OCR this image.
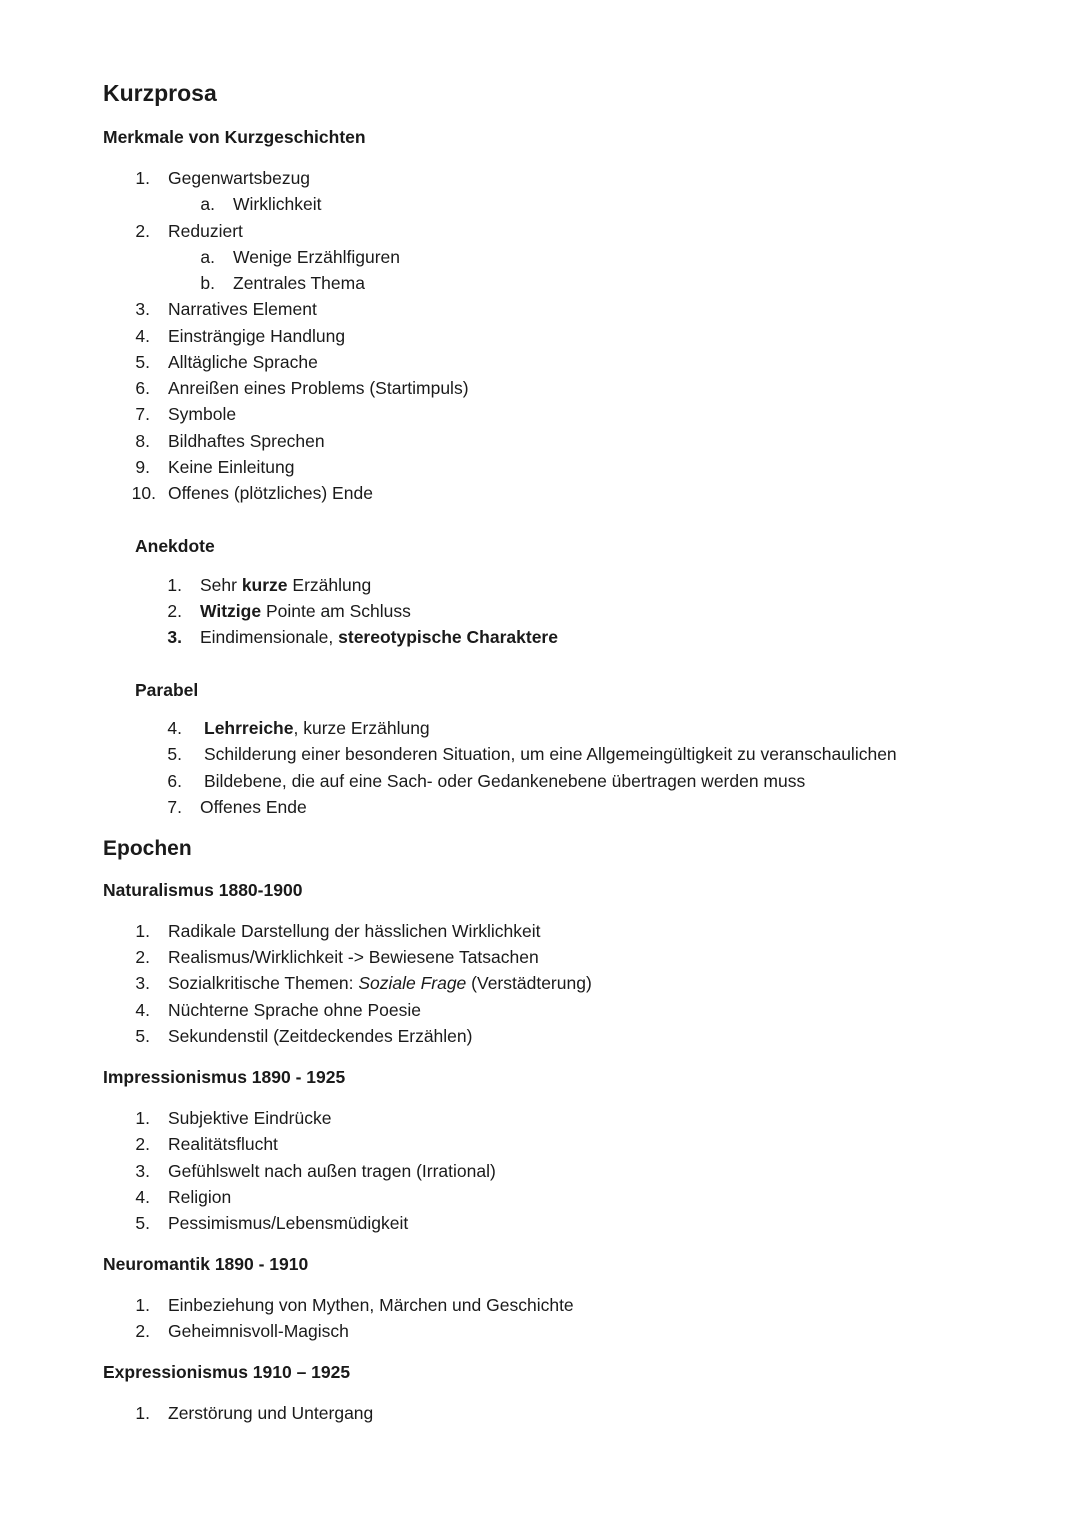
Kurzprosa
Merkmale von Kurzgeschichten
1. Gegenwartsbezug
a. Wirklichkeit
2. Reduziert
a. Wenige Erzählfiguren
b. Zentrales Thema
3. Narratives Element
4. Einsträngige Handlung
5. Alltägliche Sprache
6. Anreißen eines Problems (Startimpuls)
7. Symbole
8. Bildhaftes Sprechen
9. Keine Einleitung
10. Offenes (plötzliches) Ende
Anekdote
1. Sehr kurze Erzählung
2. Witzige Pointe am Schluss
3. Eindimensionale, stereotypische Charaktere
Parabel
4. Lehrreiche, kurze Erzählung
5. Schilderung einer besonderen Situation, um eine Allgemeingültigkeit zu veranschaulichen
6. Bildebene, die auf eine Sach- oder Gedankenebene übertragen werden muss
7. Offenes Ende
Epochen
Naturalismus 1880-1900
1. Radikale Darstellung der hässlichen Wirklichkeit
2. Realismus/Wirklichkeit -> Bewiesene Tatsachen
3. Sozialkritische Themen: Soziale Frage (Verstädterung)
4. Nüchterne Sprache ohne Poesie
5. Sekundenstil (Zeitdeckendes Erzählen)
Impressionismus 1890 - 1925
1. Subjektive Eindrücke
2. Realitätsflucht
3. Gefühlswelt nach außen tragen (Irrational)
4. Religion
5. Pessimismus/Lebensmüdigkeit
Neuromantik 1890 - 1910
1. Einbeziehung von Mythen, Märchen und Geschichte
2. Geheimnisvoll-Magisch
Expressionismus 1910 – 1925
1. Zerstörung und Untergang
